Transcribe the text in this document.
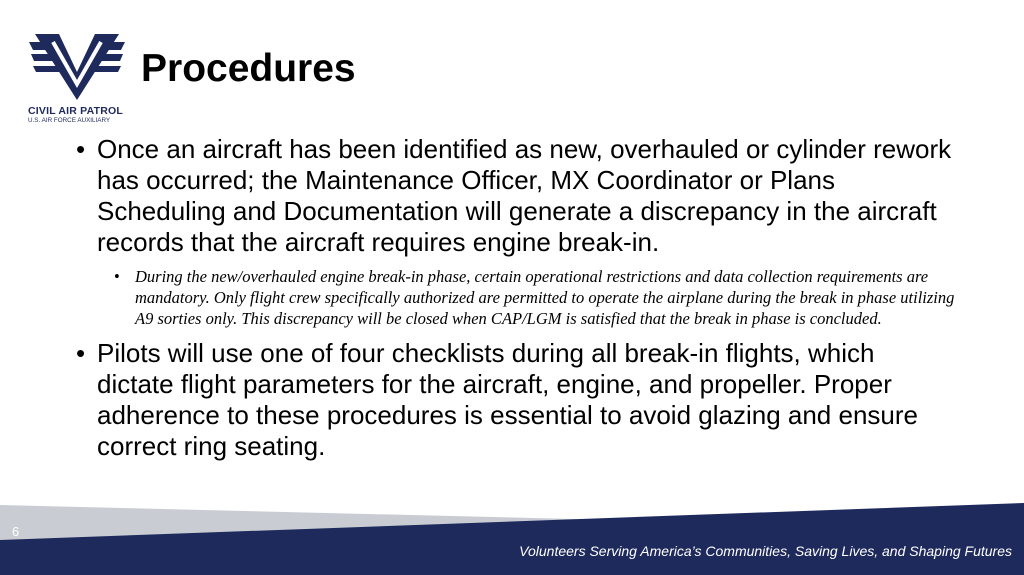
CIVIL AIR PATROL
U.S. AIR FORCE AUXILIARY
Procedures
• Once an aircraft has been identified as new, overhauled or cylinder rework has occurred; the Maintenance Officer, MX Coordinator or Plans Scheduling and Documentation will generate a discrepancy in the aircraft records that the aircraft requires engine break-in.
• During the new/overhauled engine break-in phase, certain operational restrictions and data collection requirements are mandatory. Only flight crew specifically authorized are permitted to operate the airplane during the break in phase utilizing A9 sorties only. This discrepancy will be closed when CAP/LGM is satisfied that the break in phase is concluded.
• Pilots will use one of four checklists during all break-in flights, which dictate flight parameters for the aircraft, engine, and propeller. Proper adherence to these procedures is essential to avoid glazing and ensure correct ring seating.
6
Volunteers Serving America’s Communities, Saving Lives, and Shaping Futures
